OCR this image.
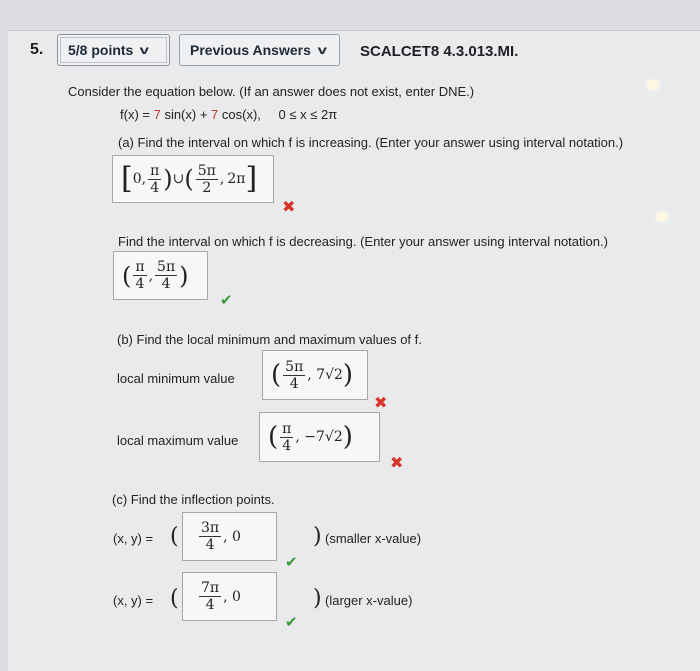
5. 5/8 points v	Previous Answers v SCALCET8 4.3.013.MI.
Consider the equation below. (If an answer does not exist, enter DNE.)
f(x) = 7 sin(x) + 7 cos(x), 0 ≤ x ≤ 2π
(a) Find the interval on which f is increasing. (Enter your answer using interval notation.)
[ 0, $\frac{\pi}{4}$ ) ∪ ( $\frac{5\pi}{2}$ , 2π ]
✖
Find the interval on which f is decreasing. (Enter your answer using interval notation.)
( $\frac{\pi}{4}$ , $\frac{5\pi}{4}$ )
✔
(b) Find the local minimum and maximum values of f.
local minimum value ( $\frac{5\pi}{4}$ , 7√2 )
✖
local maximum value ( $\frac{\pi}{4}$ , −7√2 )
✖
(c) Find the inflection points.
(x, y) = ( $\frac{3\pi}{4}$ , 0
✔
) (smaller x-value)
(x, y) = ( $\frac{7\pi}{4}$ , 0
✔
) (larger x-value)
